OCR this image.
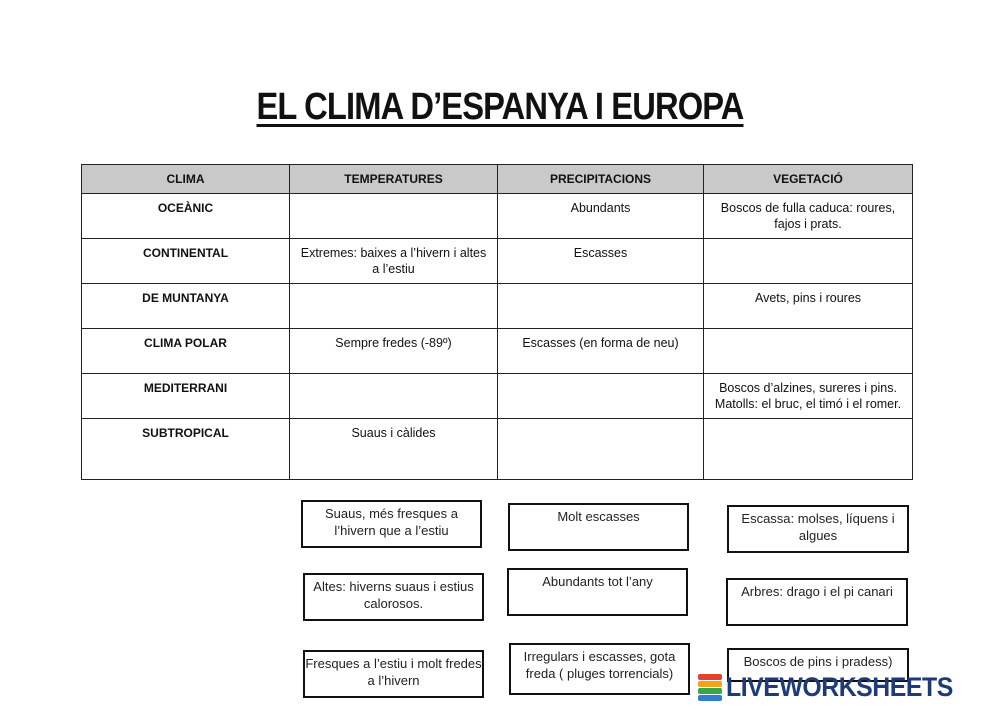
EL CLIMA D’ESPANYA I EUROPA
CLIMA	TEMPERATURES	PRECIPITACIONS	VEGETACIÓ
OCEÀNIC		Abundants	Boscos de fulla caduca: roures, fajos i prats.
CONTINENTAL	Extremes: baixes a l’hivern i altes a l’estiu	Escasses	
DE MUNTANYA			Avets, pins i roures
CLIMA POLAR	Sempre fredes (-89º)	Escasses (en forma de neu)	
MEDITERRANI			Boscos d’alzines, sureres i pins. Matolls: el bruc, el timó i el romer.
SUBTROPICAL	Suaus i càlides		
Suaus, més fresques a l’hivern que a l’estiu
Molt escasses	Escassa: molses, líquens i algues
Altes: hiverns suaus i estius calorosos.
Abundants tot l’any
Arbres: drago i el pi canari
Fresques a l’estiu i molt fredes a l’hivern
Irregulars i escasses, gota freda ( pluges torrencials)
Boscos de pins i pradess)
LIVEWORKSHEETS
